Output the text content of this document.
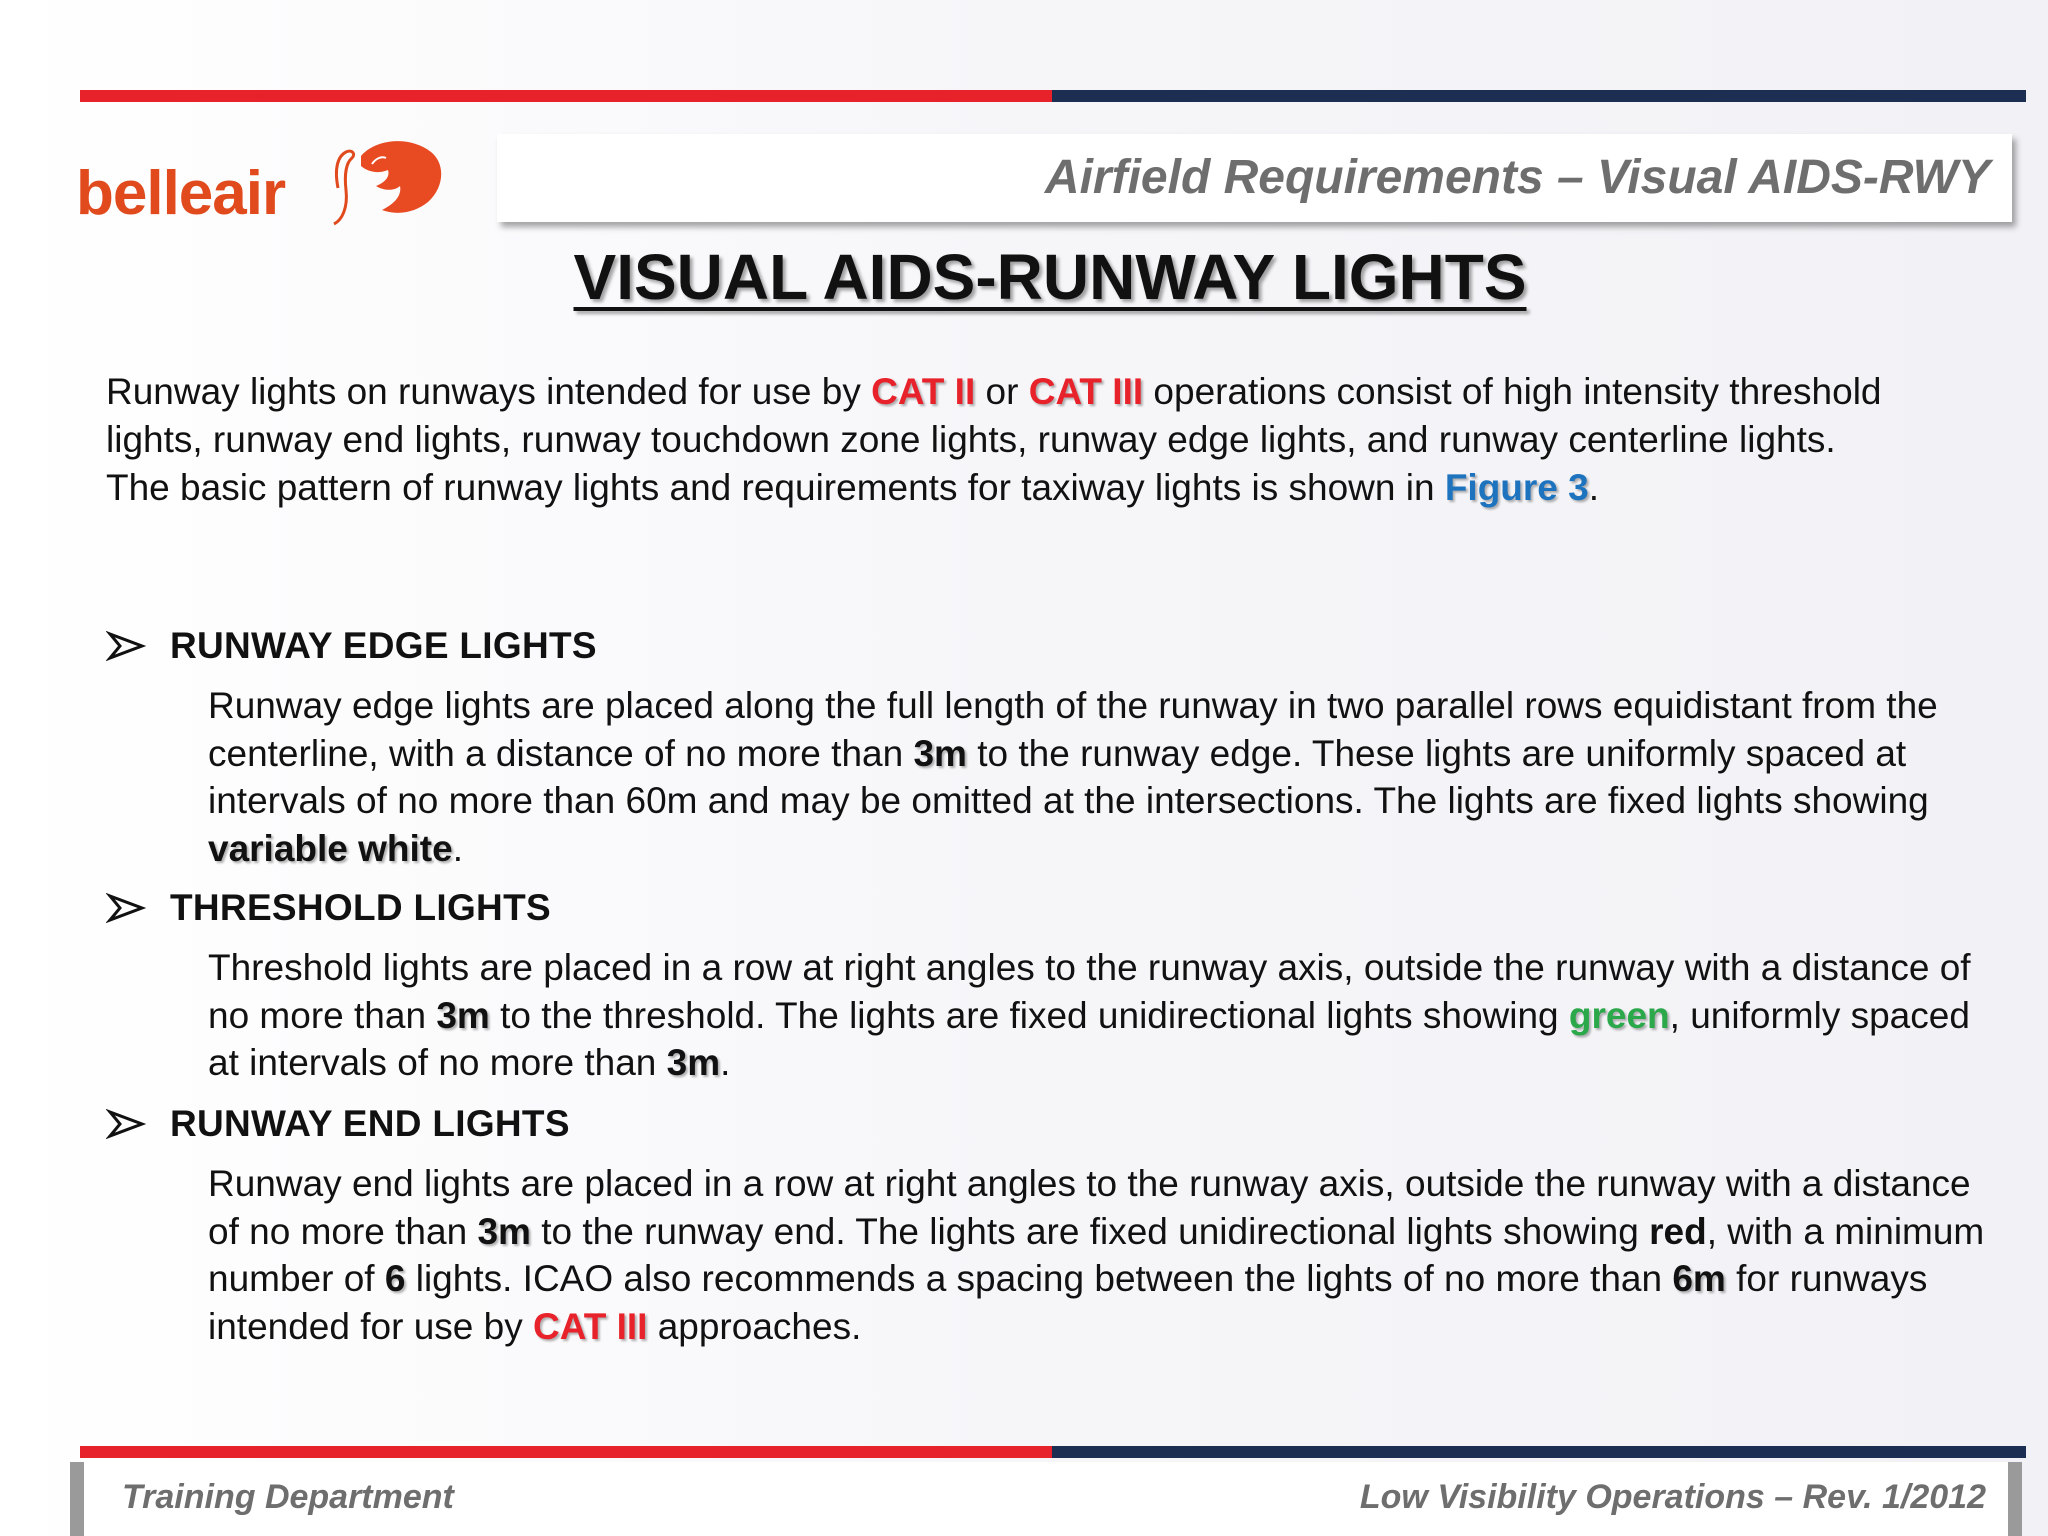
belleair	Airfield Requirements – Visual AIDS-RWY
VISUAL AIDS-RUNWAY LIGHTS

Runway lights on runways intended for use by CAT II or CAT III operations consist of high intensity threshold lights, runway end lights, runway touchdown zone lights, runway edge lights, and runway centerline lights.

The basic pattern of runway lights and requirements for taxiway lights is shown in Figure 3.

RUNWAY EDGE LIGHTS
Runway edge lights are placed along the full length of the runway in two parallel rows equidistant from the centerline, with a distance of no more than 3m to the runway edge. These lights are uniformly spaced at intervals of no more than 60m and may be omitted at the intersections. The lights are fixed lights showing variable white.
THRESHOLD LIGHTS
Threshold lights are placed in a row at right angles to the runway axis, outside the runway with a distance of no more than 3m to the threshold. The lights are fixed unidirectional lights showing green, uniformly spaced at intervals of no more than 3m.
RUNWAY END LIGHTS
Runway end lights are placed in a row at right angles to the runway axis, outside the runway with a distance of no more than 3m to the runway end. The lights are fixed unidirectional lights showing red, with a minimum number of 6 lights. ICAO also recommends a spacing between the lights of no more than 6m for runways intended for use by CAT III approaches.
Training Department	Low Visibility Operations – Rev. 1/2012
